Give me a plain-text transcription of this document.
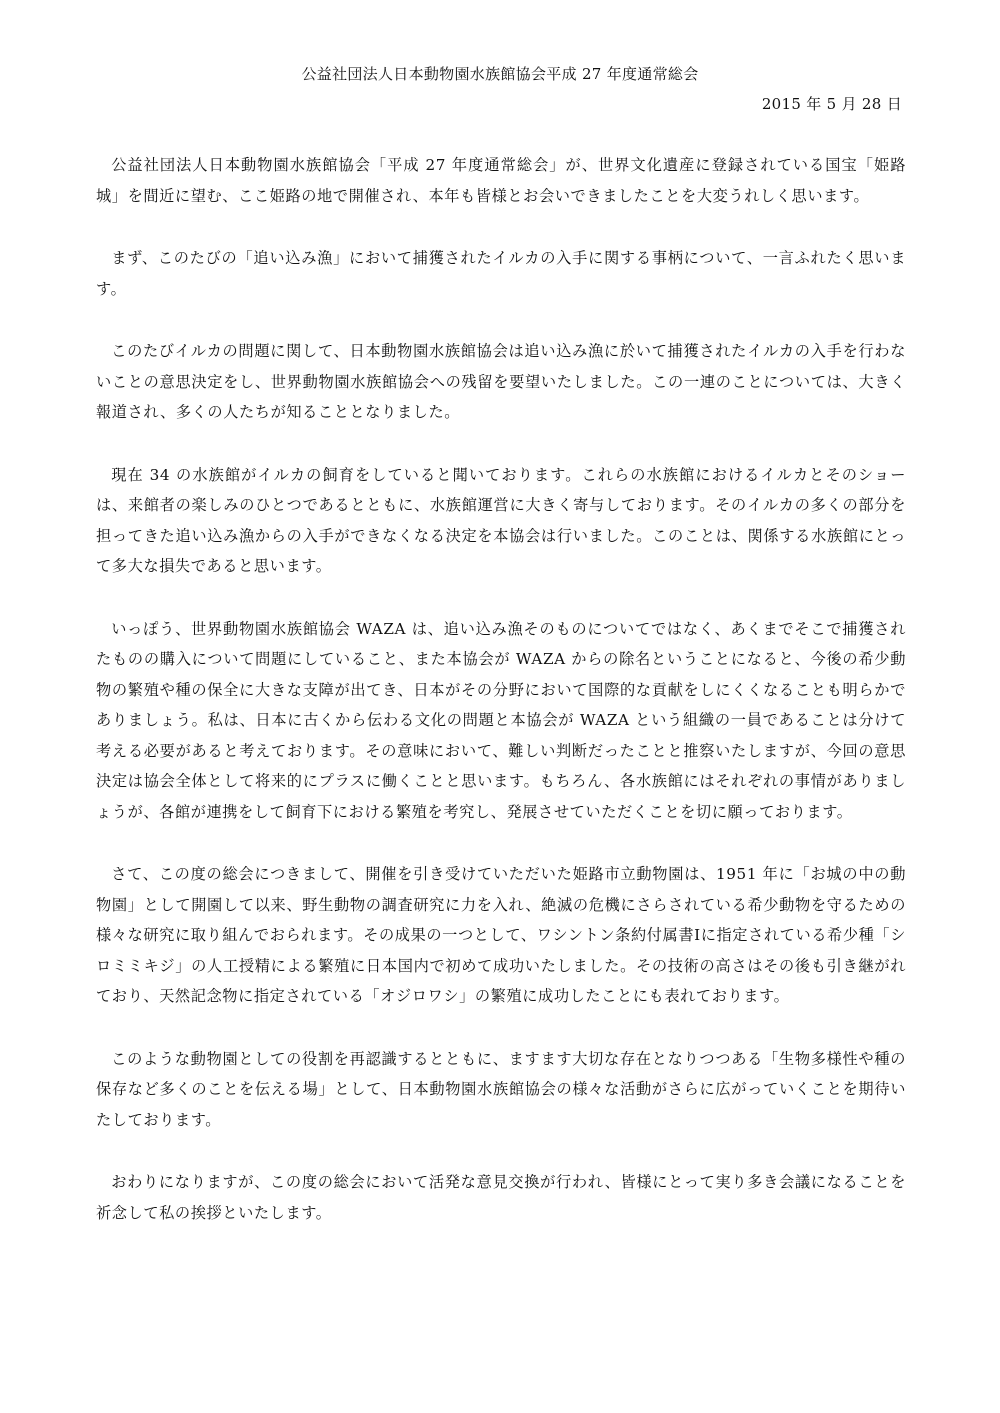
公益社団法人日本動物園水族館協会平成 27 年度通常総会

2015 年 5 月 28 日

公益社団法人日本動物園水族館協会「平成 27 年度通常総会」が、世界文化遺産に登録されている国宝「姫路城」を間近に望む、ここ姫路の地で開催され、本年も皆様とお会いできましたことを大変うれしく思います。

まず、このたびの「追い込み漁」において捕獲されたイルカの入手に関する事柄について、一言ふれたく思います。

このたびイルカの問題に関して、日本動物園水族館協会は追い込み漁に於いて捕獲されたイルカの入手を行わないことの意思決定をし、世界動物園水族館協会への残留を要望いたしました。この一連のことについては、大きく報道され、多くの人たちが知ることとなりました。

現在 34 の水族館がイルカの飼育をしていると聞いております。これらの水族館におけるイルカとそのショーは、来館者の楽しみのひとつであるとともに、水族館運営に大きく寄与しております。そのイルカの多くの部分を担ってきた追い込み漁からの入手ができなくなる決定を本協会は行いました。このことは、関係する水族館にとって多大な損失であると思います。

いっぽう、世界動物園水族館協会 WAZA は、追い込み漁そのものについてではなく、あくまでそこで捕獲されたものの購入について問題にしていること、また本協会が WAZA からの除名ということになると、今後の希少動物の繁殖や種の保全に大きな支障が出てき、日本がその分野において国際的な貢献をしにくくなることも明らかでありましょう。私は、日本に古くから伝わる文化の問題と本協会が WAZA という組織の一員であることは分けて考える必要があると考えております。その意味において、難しい判断だったことと推察いたしますが、今回の意思決定は協会全体として将来的にプラスに働くことと思います。もちろん、各水族館にはそれぞれの事情がありましょうが、各館が連携をして飼育下における繁殖を考究し、発展させていただくことを切に願っております。

さて、この度の総会につきまして、開催を引き受けていただいた姫路市立動物園は、1951 年に「お城の中の動物園」として開園して以来、野生動物の調査研究に力を入れ、絶滅の危機にさらされている希少動物を守るための様々な研究に取り組んでおられます。その成果の一つとして、ワシントン条約付属書Ⅰに指定されている希少種「シロミミキジ」の人工授精による繁殖に日本国内で初めて成功いたしました。その技術の高さはその後も引き継がれており、天然記念物に指定されている「オジロワシ」の繁殖に成功したことにも表れております。

このような動物園としての役割を再認識するとともに、ますます大切な存在となりつつある「生物多様性や種の保存など多くのことを伝える場」として、日本動物園水族館協会の様々な活動がさらに広がっていくことを期待いたしております。

おわりになりますが、この度の総会において活発な意見交換が行われ、皆様にとって実り多き会議になることを祈念して私の挨拶といたします。
